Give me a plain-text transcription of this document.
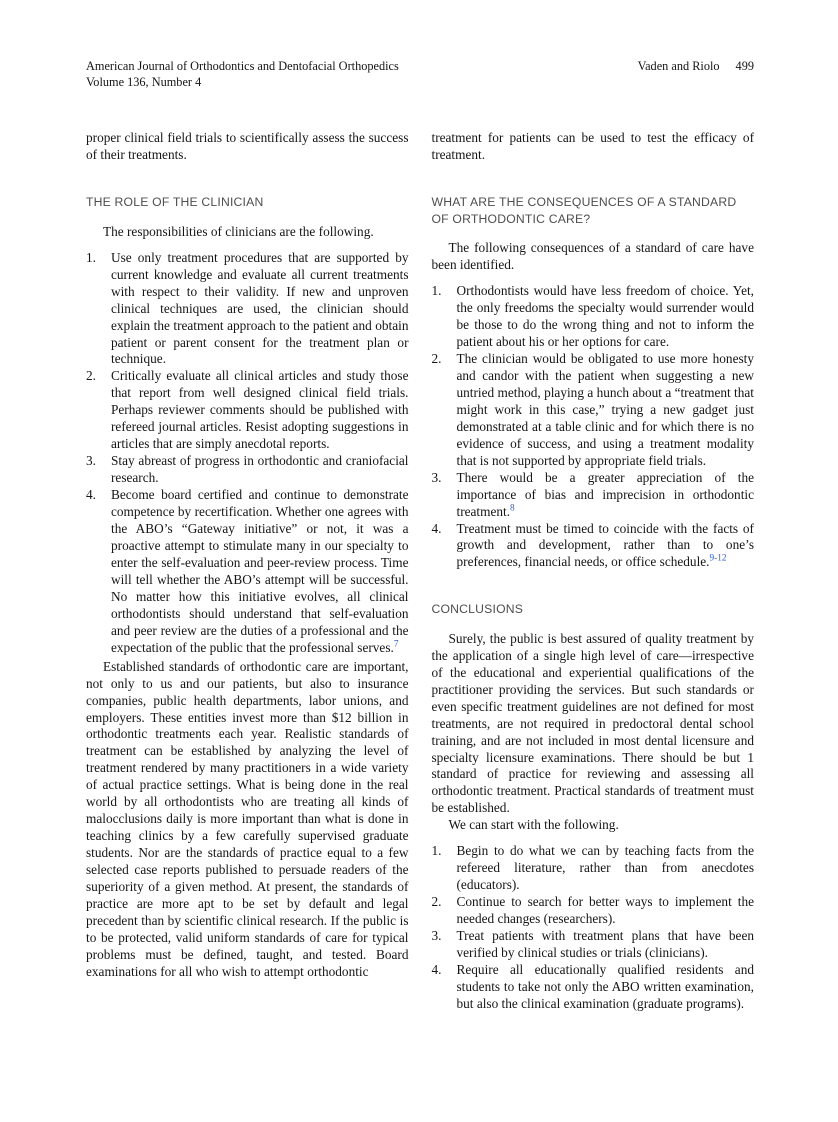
American Journal of Orthodontics and Dentofacial Orthopedics
Volume 136, Number 4
Vaden and Riolo 499

proper clinical field trials to scientifically assess the success of their treatments.

THE ROLE OF THE CLINICIAN

The responsibilities of clinicians are the following.

1.	Use only treatment procedures that are supported by current knowledge and evaluate all current treatments with respect to their validity. If new and unproven clinical techniques are used, the clinician should explain the treatment approach to the patient and obtain patient or parent consent for the treatment plan or technique.
2.	Critically evaluate all clinical articles and study those that report from well designed clinical field trials. Perhaps reviewer comments should be published with refereed journal articles. Resist adopting suggestions in articles that are simply anecdotal reports.
3.	Stay abreast of progress in orthodontic and craniofacial research.
4.	Become board certified and continue to demonstrate competence by recertification. Whether one agrees with the ABO’s “Gateway initiative” or not, it was a proactive attempt to stimulate many in our specialty to enter the self-evaluation and peer-review process. Time will tell whether the ABO’s attempt will be successful. No matter how this initiative evolves, all clinical orthodontists should understand that self-evaluation and peer review are the duties of a professional and the expectation of the public that the professional serves.$^7$

Established standards of orthodontic care are important, not only to us and our patients, but also to insurance companies, public health departments, labor unions, and employers. These entities invest more than $12 billion in orthodontic treatments each year. Realistic standards of treatment can be established by analyzing the level of treatment rendered by many practitioners in a wide variety of actual practice settings. What is being done in the real world by all orthodontists who are treating all kinds of malocclusions daily is more important than what is done in teaching clinics by a few carefully supervised graduate students. Nor are the standards of practice equal to a few selected case reports published to persuade readers of the superiority of a given method. At present, the standards of practice are more apt to be set by default and legal precedent than by scientific clinical research. If the public is to be protected, valid uniform standards of care for typical problems must be defined, taught, and tested. Board examinations for all who wish to attempt orthodontic

treatment for patients can be used to test the efficacy of treatment.

WHAT ARE THE CONSEQUENCES OF A STANDARD OF ORTHODONTIC CARE?

The following consequences of a standard of care have been identified.

1.	Orthodontists would have less freedom of choice. Yet, the only freedoms the specialty would surrender would be those to do the wrong thing and not to inform the patient about his or her options for care.
2.	The clinician would be obligated to use more honesty and candor with the patient when suggesting a new untried method, playing a hunch about a “treatment that might work in this case,” trying a new gadget just demonstrated at a table clinic and for which there is no evidence of success, and using a treatment modality that is not supported by appropriate field trials.
3.	There would be a greater appreciation of the importance of bias and imprecision in orthodontic treatment.$^8$
4.	Treatment must be timed to coincide with the facts of growth and development, rather than to one’s preferences, financial needs, or office schedule.$^{9-12}$
CONCLUSIONS

Surely, the public is best assured of quality treatment by the application of a single high level of care—irrespective of the educational and experiential qualifications of the practitioner providing the services. But such standards or even specific treatment guidelines are not defined for most treatments, are not required in predoctoral dental school training, and are not included in most dental licensure and specialty licensure examinations. There should be but 1 standard of practice for reviewing and assessing all orthodontic treatment. Practical standards of treatment must be established.

We can start with the following.

1.	Begin to do what we can by teaching facts from the refereed literature, rather than from anecdotes (educators).
2.	Continue to search for better ways to implement the needed changes (researchers).
3.	Treat patients with treatment plans that have been verified by clinical studies or trials (clinicians).
4.	Require all educationally qualified residents and students to take not only the ABO written examination, but also the clinical examination (graduate programs).
